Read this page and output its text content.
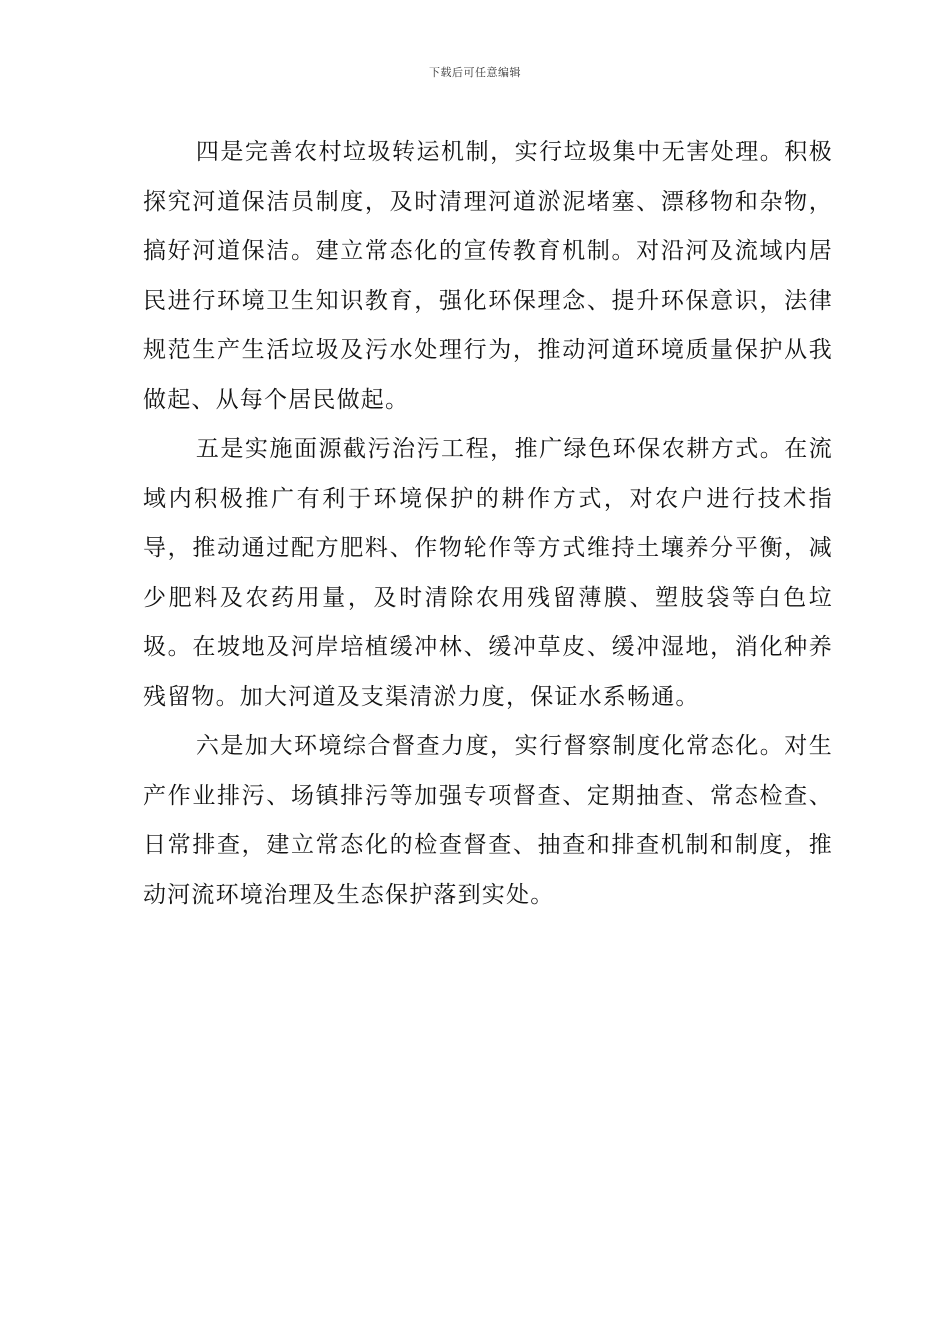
下载后可任意编辑

四是完善农村垃圾转运机制，实行垃圾集中无害处理。积极探究河道保洁员制度，及时清理河道淤泥堵塞、漂移物和杂物，搞好河道保洁。建立常态化的宣传教育机制。对沿河及流域内居民进行环境卫生知识教育，强化环保理念、提升环保意识，法律规范生产生活垃圾及污水处理行为，推动河道环境质量保护从我做起、从每个居民做起。

五是实施面源截污治污工程，推广绿色环保农耕方式。在流域内积极推广有利于环境保护的耕作方式，对农户进行技术指导，推动通过配方肥料、作物轮作等方式维持土壤养分平衡，减少肥料及农药用量，及时清除农用残留薄膜、塑肢袋等白色垃圾。在坡地及河岸培植缓冲林、缓冲草皮、缓冲湿地，消化种养残留物。加大河道及支渠清淤力度，保证水系畅通。

六是加大环境综合督查力度，实行督察制度化常态化。对生产作业排污、场镇排污等加强专项督查、定期抽查、常态检查、日常排查，建立常态化的检查督查、抽查和排查机制和制度，推动河流环境治理及生态保护落到实处。
